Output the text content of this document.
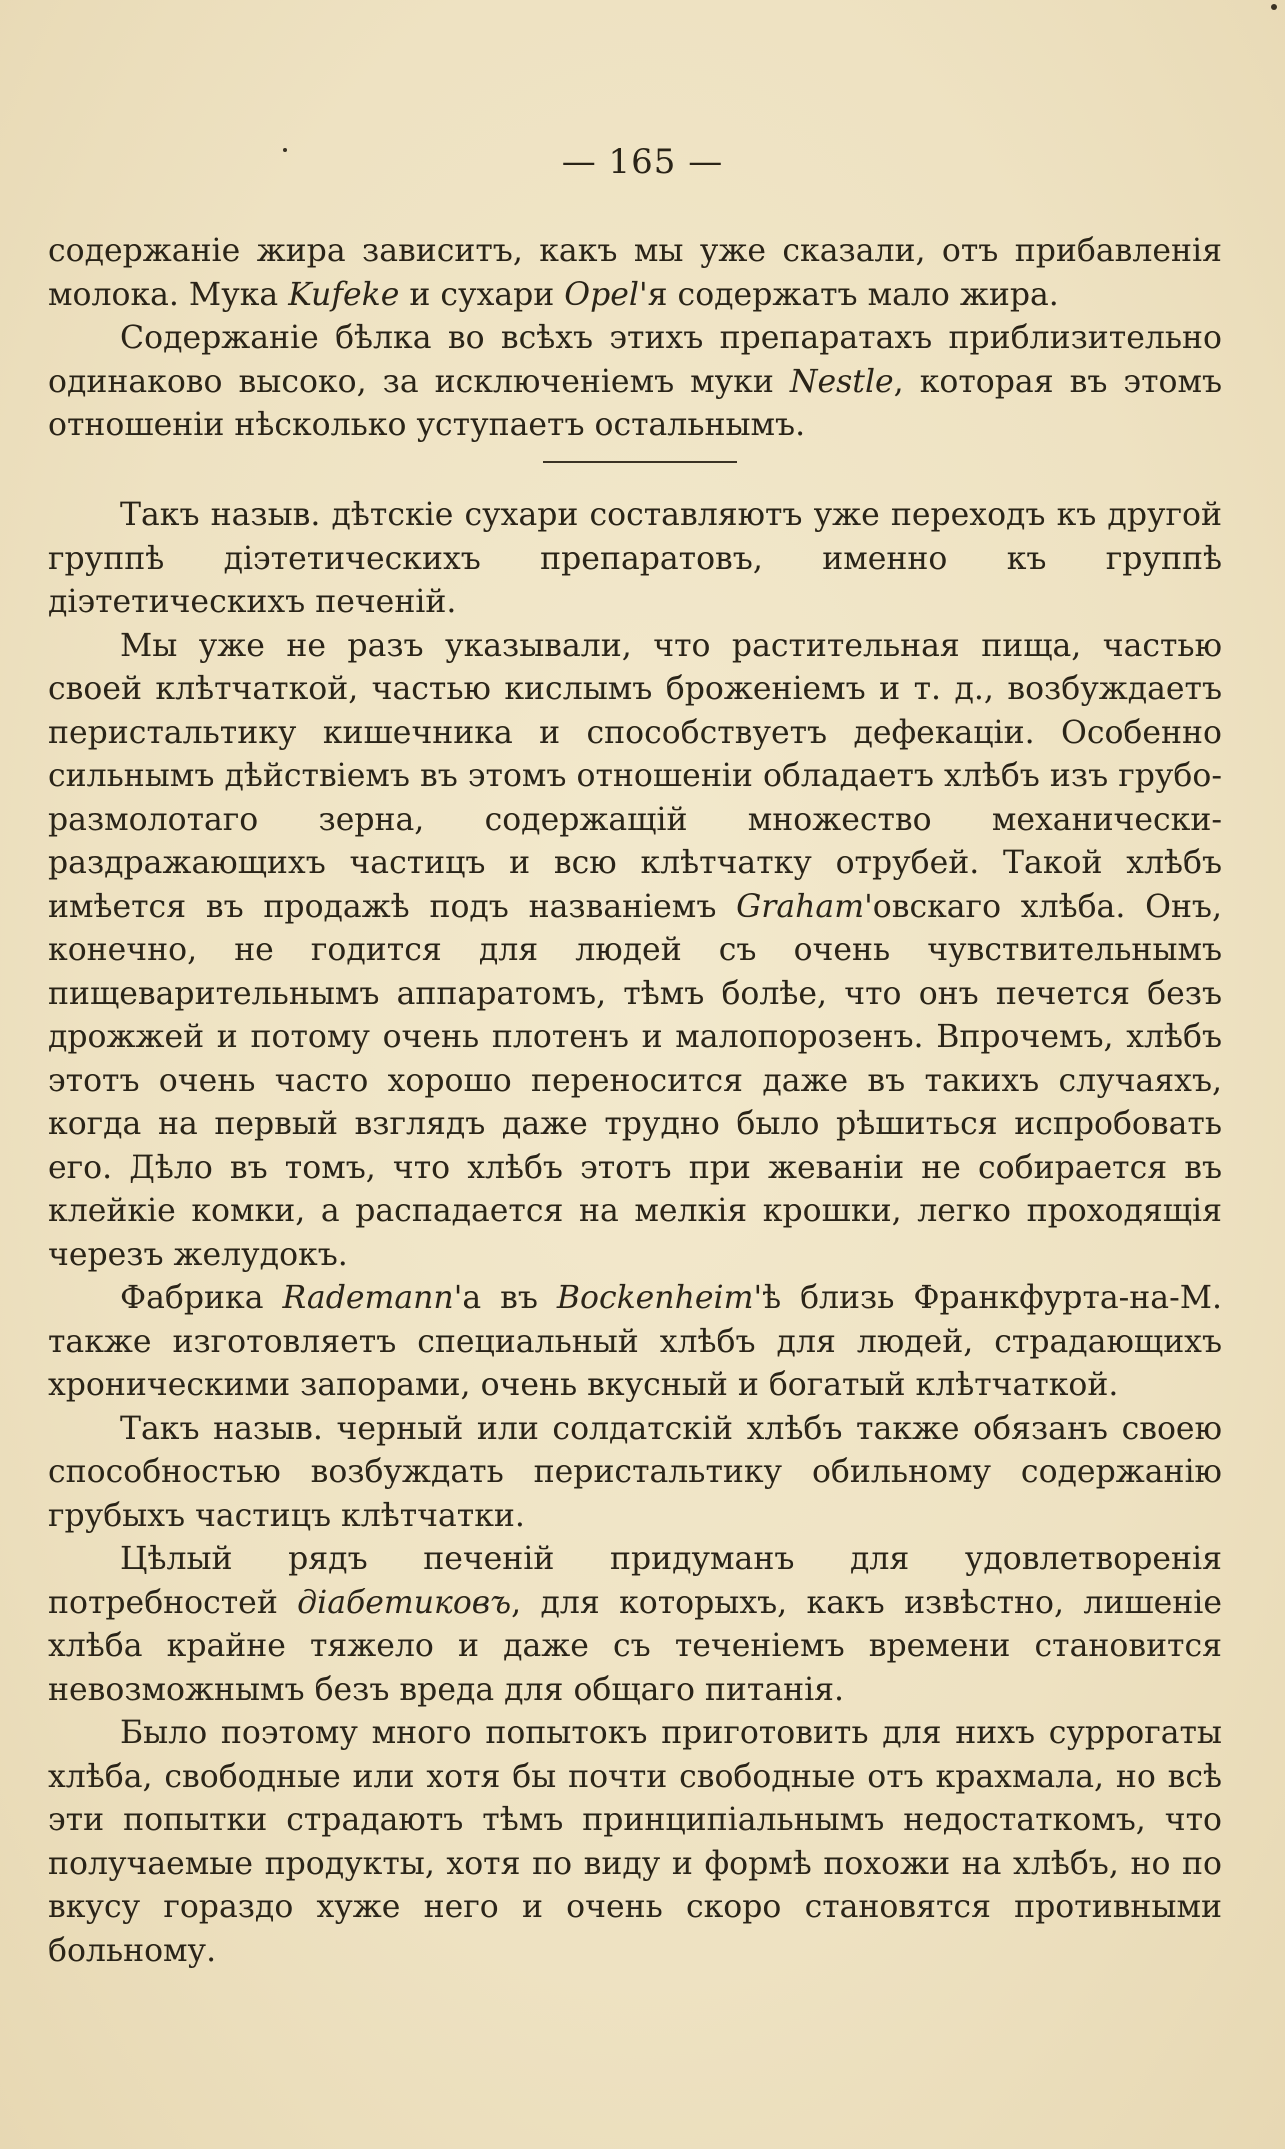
— 165 —

содержаніе жира зависитъ, какъ мы уже сказали, отъ прибавленія молока. Мука Kufeke и сухари Opel'я содержатъ мало жира.

Содержаніе бѣлка во всѣхъ этихъ препаратахъ приблизительно одинаково высоко, за исключеніемъ муки Nestle, которая въ этомъ отношеніи нѣсколько уступаетъ остальнымъ.

Такъ назыв. дѣтскіе сухари составляютъ уже переходъ къ другой группѣ діэтетическихъ препаратовъ, именно къ группѣ діэтетическихъ печеній.

Мы уже не разъ указывали, что растительная пища, частью своей клѣтчаткой, частью кислымъ броженіемъ и т. д., возбуждаетъ перистальтику кишечника и способствуетъ дефекаціи. Особенно сильнымъ дѣйствіемъ въ этомъ отношеніи обладаетъ хлѣбъ изъ груборазмолотаго зерна, содержащій множество механически-раздражающихъ частицъ и всю клѣтчатку отрубей. Такой хлѣбъ имѣется въ продажѣ подъ названіемъ Graham'овскаго хлѣба. Онъ, конечно, не годится для людей съ очень чувствительнымъ пищеварительнымъ аппаратомъ, тѣмъ болѣе, что онъ печется безъ дрожжей и потому очень плотенъ и малопорозенъ. Впрочемъ, хлѣбъ этотъ очень часто хорошо переносится даже въ такихъ случаяхъ, когда на первый взглядъ даже трудно было рѣшиться испробовать его. Дѣло въ томъ, что хлѣбъ этотъ при жеваніи не собирается въ клейкіе комки, а распадается на мелкія крошки, легко проходящія черезъ желудокъ.

Фабрика Rademann'а въ Bockenheim'ѣ близь Франкфурта-на-М. также изготовляетъ специальный хлѣбъ для людей, страдающихъ хроническими запорами, очень вкусный и богатый клѣтчаткой.

Такъ назыв. черный или солдатскій хлѣбъ также обязанъ своею способностью возбуждать перистальтику обильному содержанію грубыхъ частицъ клѣтчатки.

Цѣлый рядъ печеній придуманъ для удовлетворенія потребностей діабетиковъ, для которыхъ, какъ извѣстно, лишеніе хлѣба крайне тяжело и даже съ теченіемъ времени становится невозможнымъ безъ вреда для общаго питанія.

Было поэтому много попытокъ приготовить для нихъ суррогаты хлѣба, свободные или хотя бы почти свободные отъ крахмала, но всѣ эти попытки страдаютъ тѣмъ принципіальнымъ недостаткомъ, что получаемые продукты, хотя по виду и формѣ похожи на хлѣбъ, но по вкусу гораздо хуже него и очень скоро становятся противными больному.
